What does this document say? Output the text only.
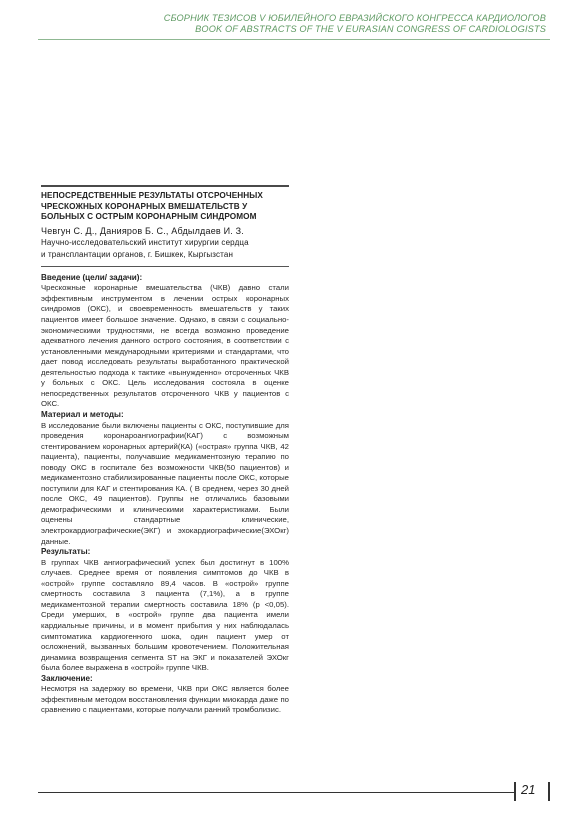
СБОРНИК ТЕЗИСОВ V ЮБИЛЕЙНОГО ЕВРАЗИЙСКОГО КОНГРЕССА КАРДИОЛОГОВ
BOOK OF ABSTRACTS OF THE V EURASIAN CONGRESS OF CARDIOLOGISTS
НЕПОСРЕДСТВЕННЫЕ РЕЗУЛЬТАТЫ ОТСРОЧЕННЫХ ЧРЕСКОЖНЫХ КОРОНАРНЫХ ВМЕШАТЕЛЬСТВ У БОЛЬНЫХ С ОСТРЫМ КОРОНАРНЫМ СИНДРОМОМ
Чевгун С. Д., Данияров Б. С., Абдылдаев И. З.
Научно-исследовательский институт хирургии сердца
и трансплантации органов, г. Бишкек, Кыргызстан
Введение (цели/ задачи):

Чрескожные коронарные вмешательства (ЧКВ) давно стали эффективным инструментом в лечении острых коронарных синдромов (ОКС), и своевременность вмешательств у таких пациентов имеет большое значение. Однако, в связи с социально-экономическими трудностями, не всегда возможно проведение адекватного лечения данного острого состояния, в соответствии с установленными международными критериями и стандартами, что дает повод исследовать результаты выработанного практической деятельностью подхода к тактике «вынужденно» отсроченных ЧКВ у больных с ОКС. Цель исследования состояла в оценке непосредственных результатов отсроченного ЧКВ у пациентов с ОКС.

Материал и методы:

В исследование были включены пациенты с ОКС, поступившие для проведения коронароангиографии(КАГ) с возможным стентированием коронарных артерий(КА) («острая» группа ЧКВ, 42 пациента), пациенты, получавшие медикаментозную терапию по поводу ОКС в госпитале без возможности ЧКВ(50 пациентов) и медикаментозно стабилизированные пациенты после ОКС, которые поступили для КАГ и стентирования КА. ( В среднем, через 30 дней после ОКС, 49 пациентов). Группы не отличались базовыми демографическими и клиническими характеристиками. Были оценены стандартные клинические, электрокардиографические(ЭКГ) и эхокардиографические(ЭХОкг) данные.

Результаты:

В группах ЧКВ ангиографический успех был достигнут в 100% случаев. Среднее время от появления симптомов до ЧКВ в «острой» группе составляло 89,4 часов. В «острой» группе смертность составила 3 пациента (7,1%), а в группе медикаментозной терапии смертность составила 18% (р <0,05). Среди умерших, в «острой» группе два пациента имели кардиальные причины, и в момент прибытия у них наблюдалась симптоматика кардиогенного шока, один пациент умер от осложнений, вызванных большим кровотечением. Положительная динамика возвращения сегмента ST на ЭКГ и показателей ЭХОкг была более выражена в «острой» группе ЧКВ.

Заключение:

Несмотря на задержку во времени, ЧКВ при ОКС является более эффективным методом восстановления функции миокарда даже по сравнению с пациентами, которые получали ранний тромболизис.

21
